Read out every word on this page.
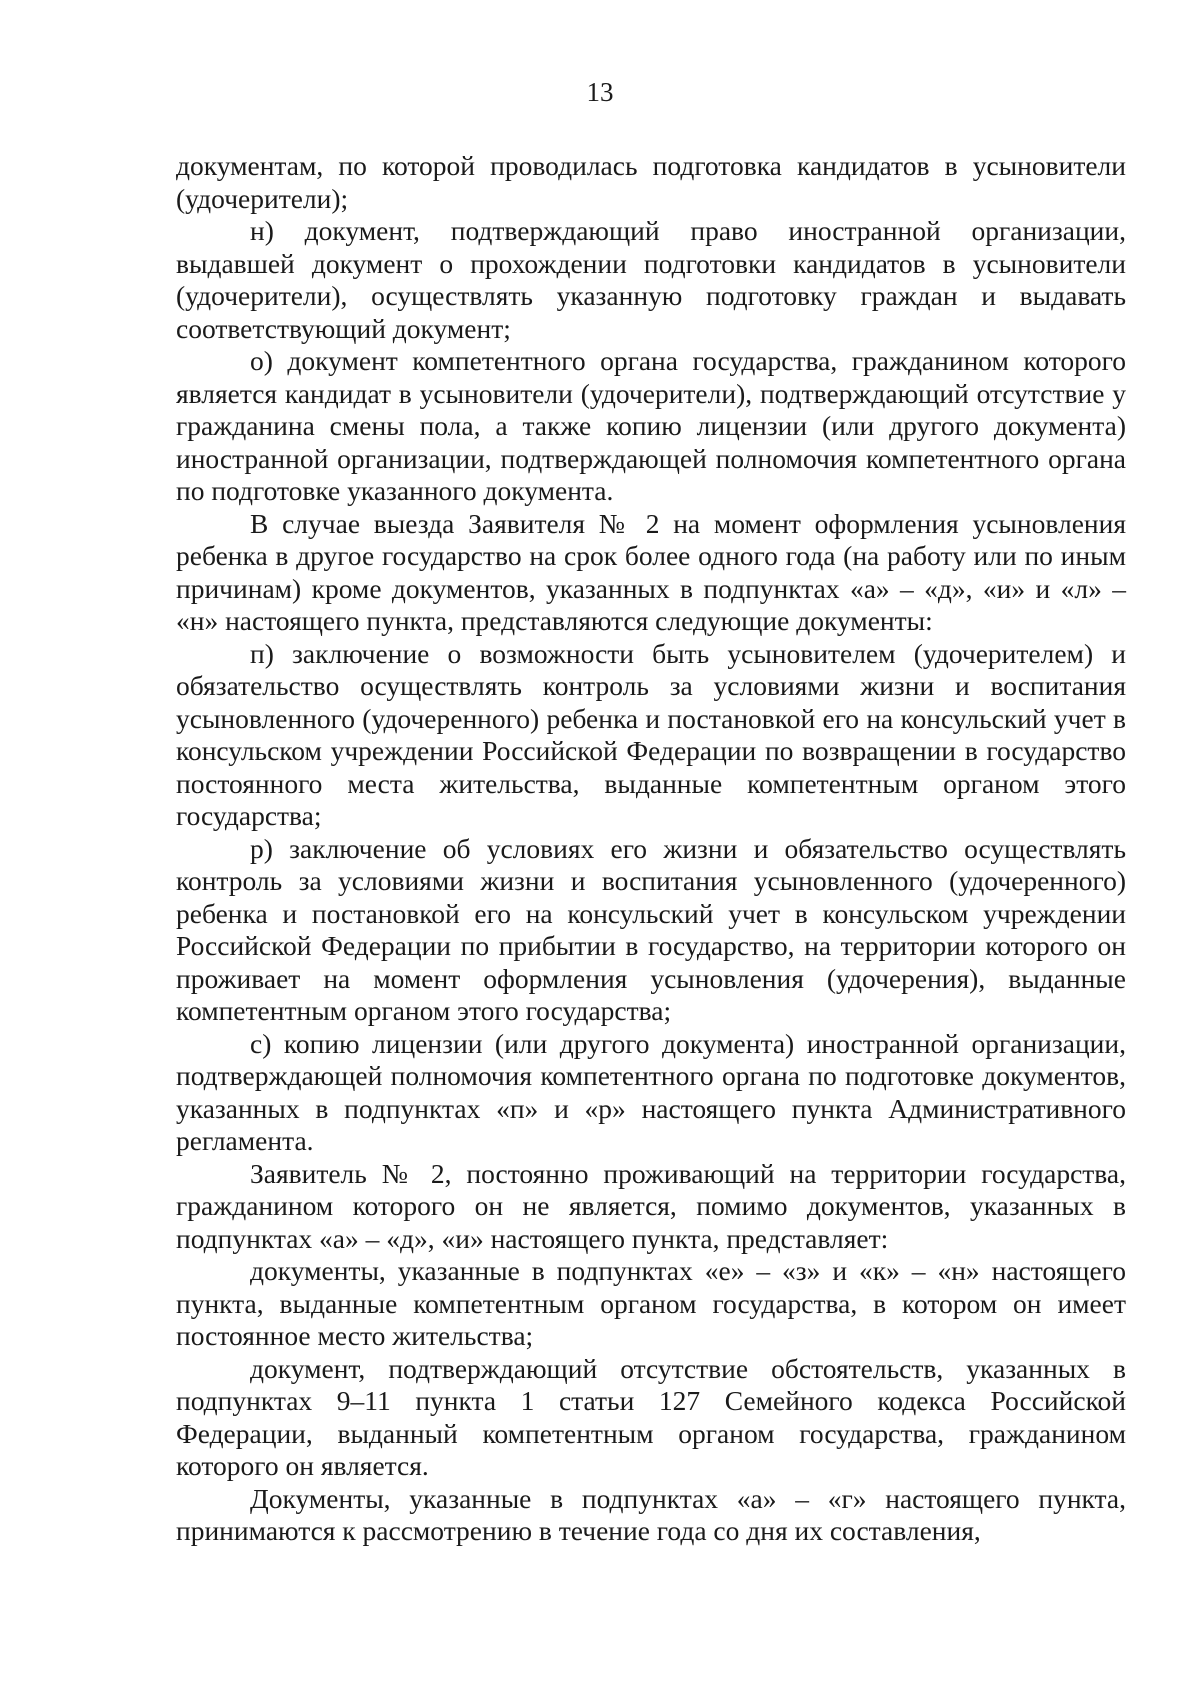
13

документам, по которой проводилась подготовка кандидатов в усыновители (удочерители);

н) документ, подтверждающий право иностранной организации, выдавшей документ о прохождении подготовки кандидатов в усыновители (удочерители), осуществлять указанную подготовку граждан и выдавать соответствующий документ;

о) документ компетентного органа государства, гражданином которого является кандидат в усыновители (удочерители), подтверждающий отсутствие у гражданина смены пола, а также копию лицензии (или другого документа) иностранной организации, подтверждающей полномочия компетентного органа по подготовке указанного документа.

В случае выезда Заявителя № 2 на момент оформления усыновления ребенка в другое государство на срок более одного года (на работу или по иным причинам) кроме документов, указанных в подпунктах «а» – «д», «и» и «л» – «н» настоящего пункта, представляются следующие документы:

п) заключение о возможности быть усыновителем (удочерителем) и обязательство осуществлять контроль за условиями жизни и воспитания усыновленного (удочеренного) ребенка и постановкой его на консульский учет в консульском учреждении Российской Федерации по возвращении в государство постоянного места жительства, выданные компетентным органом этого государства;

р) заключение об условиях его жизни и обязательство осуществлять контроль за условиями жизни и воспитания усыновленного (удочеренного) ребенка и постановкой его на консульский учет в консульском учреждении Российской Федерации по прибытии в государство, на территории которого он проживает на момент оформления усыновления (удочерения), выданные компетентным органом этого государства;

с) копию лицензии (или другого документа) иностранной организации, подтверждающей полномочия компетентного органа по подготовке документов, указанных в подпунктах «п» и «р» настоящего пункта Административного регламента.

Заявитель № 2, постоянно проживающий на территории государства, гражданином которого он не является, помимо документов, указанных в подпунктах «а» – «д», «и» настоящего пункта, представляет:

документы, указанные в подпунктах «е» – «з» и «к» – «н» настоящего пункта, выданные компетентным органом государства, в котором он имеет постоянное место жительства;

документ, подтверждающий отсутствие обстоятельств, указанных в подпунктах 9–11 пункта 1 статьи 127 Семейного кодекса Российской Федерации, выданный компетентным органом государства, гражданином которого он является.

Документы, указанные в подпунктах «а» – «г» настоящего пункта, принимаются к рассмотрению в течение года со дня их составления,
